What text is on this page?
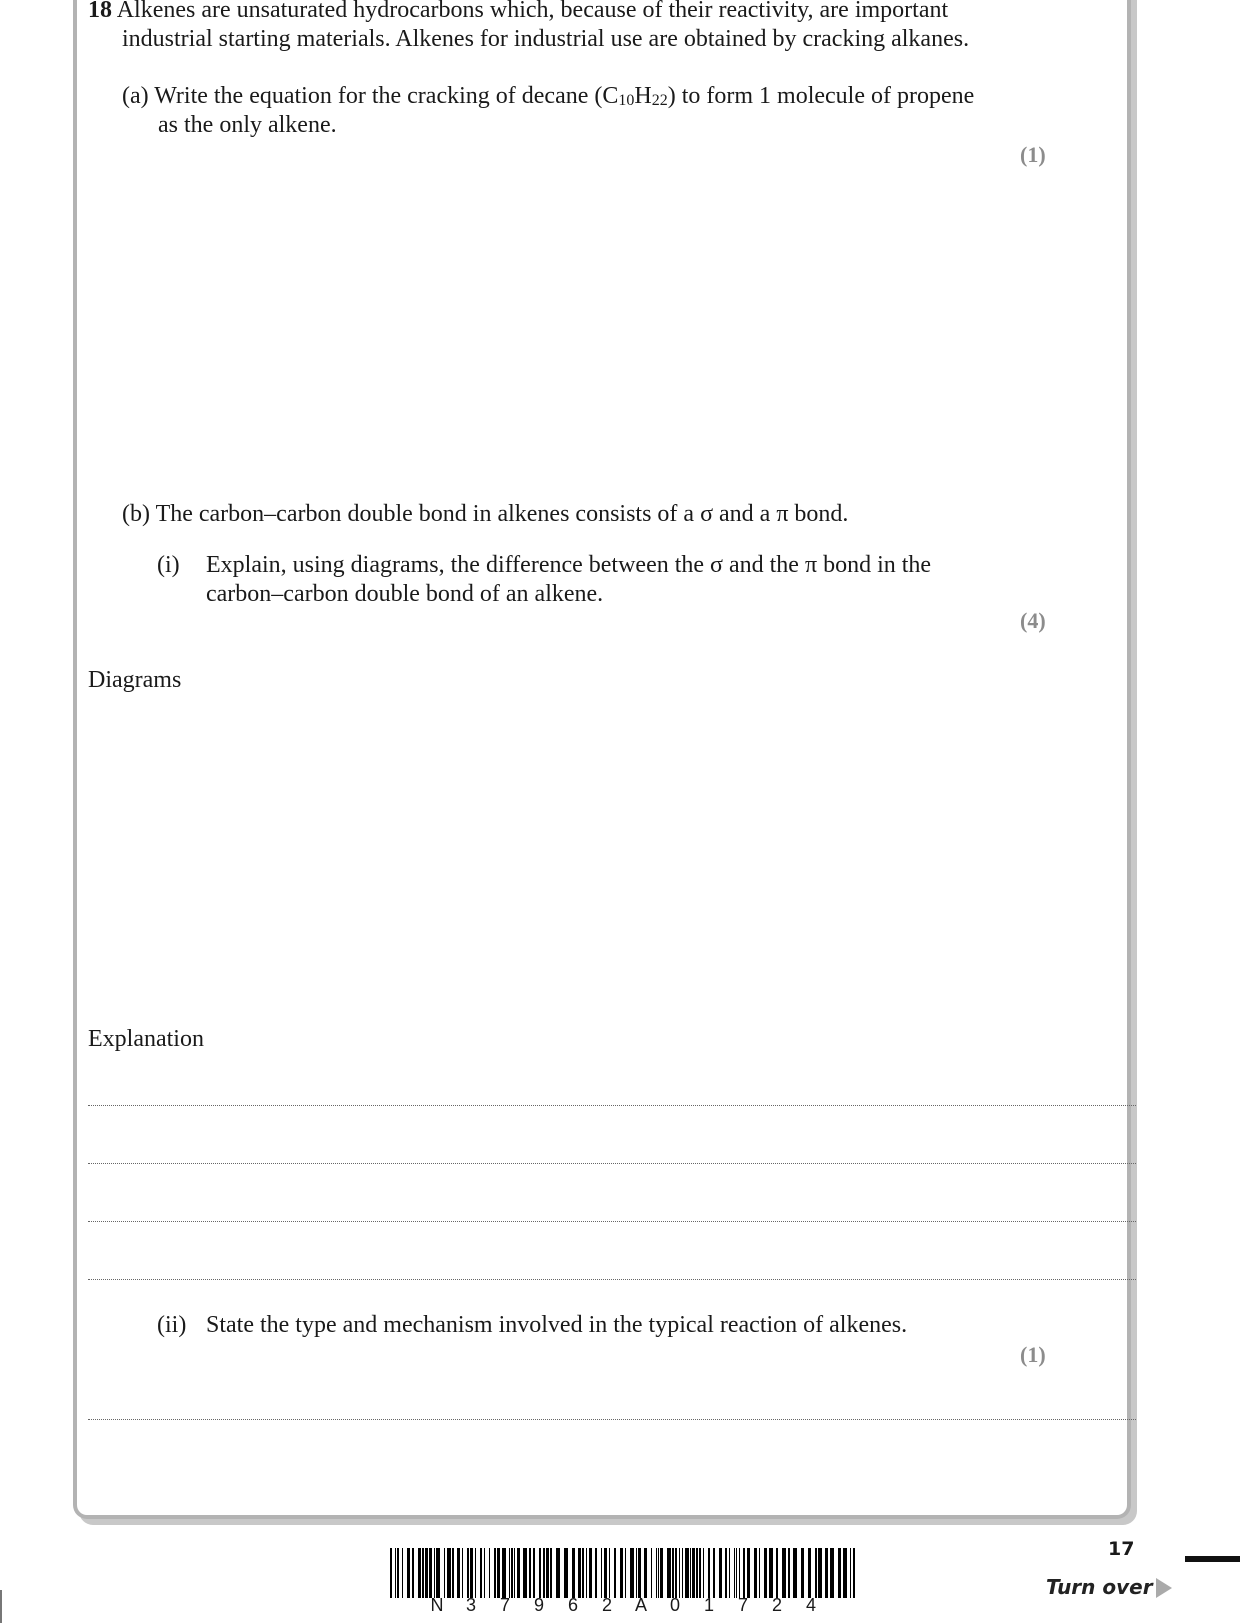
18 Alkenes are unsaturated hydrocarbons which, because of their reactivity, are important
industrial starting materials. Alkenes for industrial use are obtained by cracking alkanes.
(a) Write the equation for the cracking of decane $(C_{10}H_{22})$ to form 1 molecule of propene
as the only alkene.
(1)
(b) The carbon–carbon double bond in alkenes consists of a σ and a π bond.
(i) Explain, using diagrams, the difference between the σ and the π bond in the
carbon–carbon double bond of an alkene.
(4)
Diagrams
Explanation
(ii) State the type and mechanism involved in the typical reaction of alkenes.
(1)
N 3 7 9 6 2 A 0 1 7 2 4
17
Turn over
